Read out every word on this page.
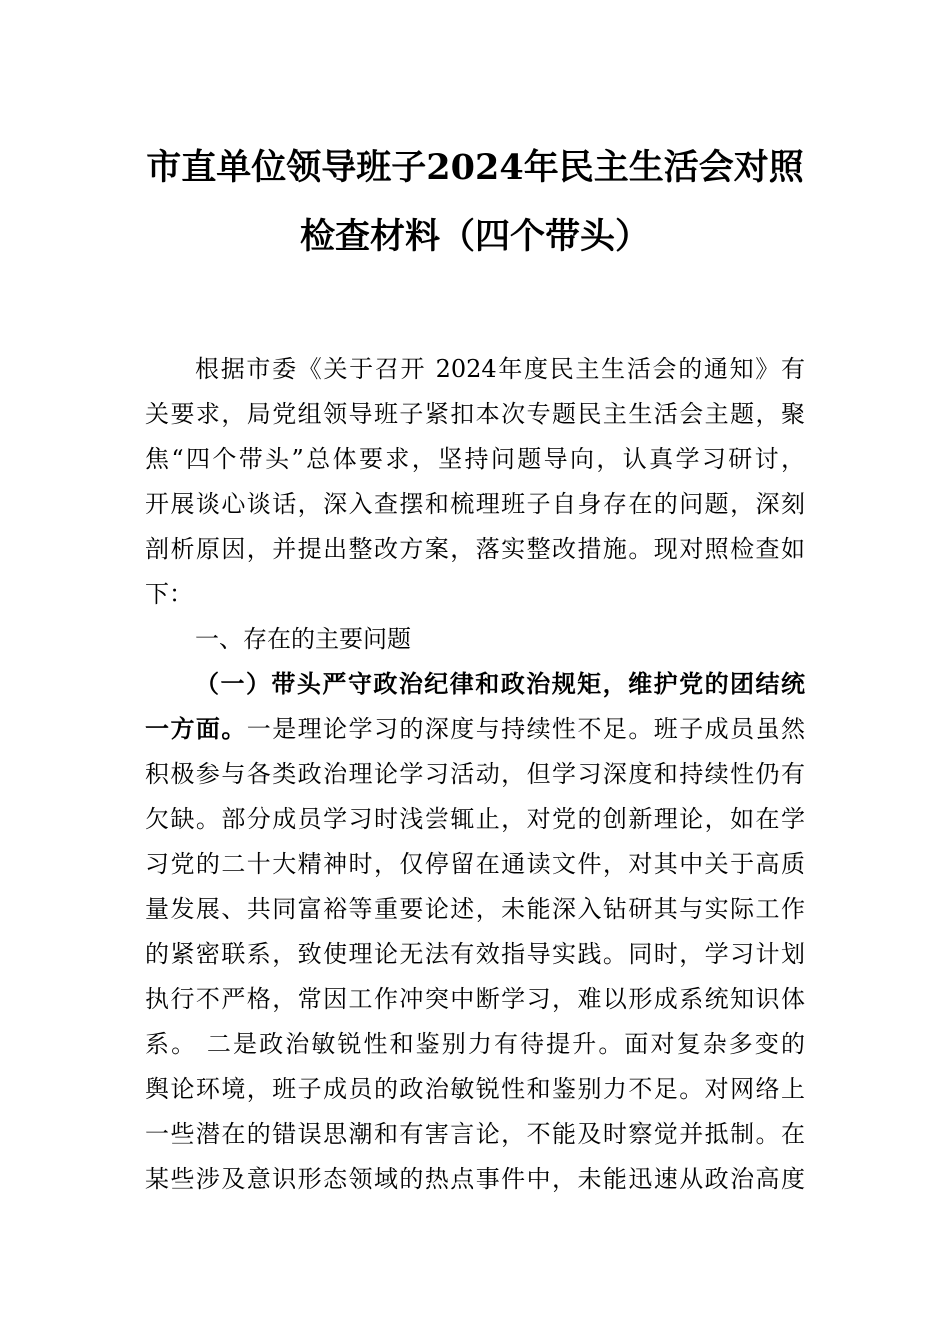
市直单位领导班子2024年民主生活会对照
检查材料（四个带头）
根据市委《关于召开 2024年度民主生活会的通知》有
关要求，局党组领导班子紧扣本次专题民主生活会主题，聚
焦“四个带头”总体要求，坚持问题导向，认真学习研讨，
开展谈心谈话，深入查摆和梳理班子自身存在的问题，深刻
剖析原因，并提出整改方案，落实整改措施。现对照检查如
下：
一、存在的主要问题
（一）带头严守政治纪律和政治规矩，维护党的团结统
一方面。一是理论学习的深度与持续性不足。班子成员虽然
积极参与各类政治理论学习活动，但学习深度和持续性仍有
欠缺。部分成员学习时浅尝辄止，对党的创新理论，如在学
习党的二十大精神时，仅停留在通读文件，对其中关于高质
量发展、共同富裕等重要论述，未能深入钻研其与实际工作
的紧密联系，致使理论无法有效指导实践。同时，学习计划
执行不严格，常因工作冲突中断学习，难以形成系统知识体
系。 二是政治敏锐性和鉴别力有待提升。面对复杂多变的
舆论环境，班子成员的政治敏锐性和鉴别力不足。对网络上
一些潜在的错误思潮和有害言论，不能及时察觉并抵制。在
某些涉及意识形态领域的热点事件中，未能迅速从政治高度
